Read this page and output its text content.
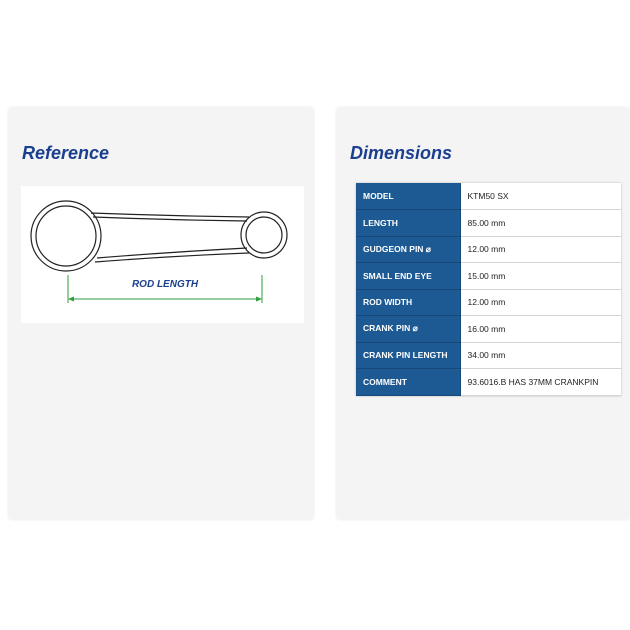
Reference
ROD LENGTH
Dimensions
MODEL	KTM50 SX
LENGTH	85.00 mm
GUDGEON PIN ⌀	12.00 mm
SMALL END EYE	15.00 mm
ROD WIDTH	12.00 mm
CRANK PIN ⌀	16.00 mm
CRANK PIN LENGTH	34.00 mm
COMMENT	93.6016.B HAS 37MM CRANKPIN
